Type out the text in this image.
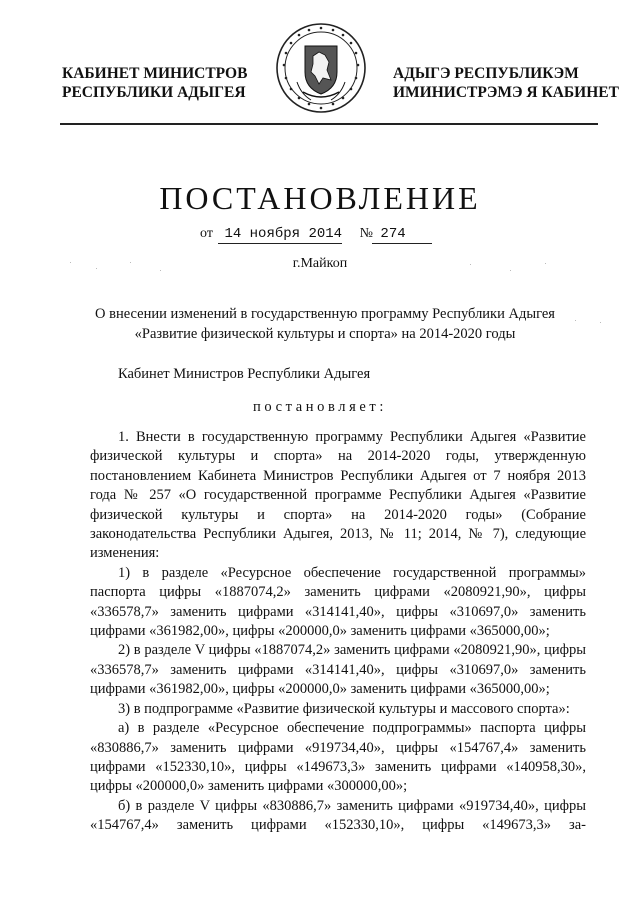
КАБИНЕТ МИНИСТРОВ
РЕСПУБЛИКИ АДЫГЕЯ
АДЫГЭ РЕСПУБЛИКЭМ
ИМИНИСТРЭМЭ Я КАБИНЕТ
ПОСТАНОВЛЕНИЕ
от 14 ноября 2014 № 274
г.Майкоп
О внесении изменений в государственную программу Республики Адыгея
«Развитие физической культуры и спорта» на 2014-2020 годы
Кабинет Министров Республики Адыгея
постановляет:

1. Внести в государственную программу Республики Адыгея «Развитие физической культуры и спорта» на 2014-2020 годы, утвержденную постановлением Кабинета Министров Республики Адыгея от 7 ноября 2013 года № 257 «О государственной программе Республики Адыгея «Развитие физической культуры и спорта» на 2014-2020 годы» (Собрание законодательства Республики Адыгея, 2013, № 11; 2014, № 7), следующие изменения:

1) в разделе «Ресурсное обеспечение государственной программы» паспорта цифры «1887074,2» заменить цифрами «2080921,90», цифры «336578,7» заменить цифрами «314141,40», цифры «310697,0» заменить цифрами «361982,00», цифры «200000,0» заменить цифрами «365000,00»;

2) в разделе V цифры «1887074,2» заменить цифрами «2080921,90», цифры «336578,7» заменить цифрами «314141,40», цифры «310697,0» заменить цифрами «361982,00», цифры «200000,0» заменить цифрами «365000,00»;

3) в подпрограмме «Развитие физической культуры и массового спорта»:

а) в разделе «Ресурсное обеспечение подпрограммы» паспорта цифры «830886,7» заменить цифрами «919734,40», цифры «154767,4» заменить цифрами «152330,10», цифры «149673,3» заменить цифрами «140958,30», цифры «200000,0» заменить цифрами «300000,00»;

б) в разделе V цифры «830886,7» заменить цифрами «919734,40», цифры «154767,4» заменить цифрами «152330,10», цифры «149673,3» за-
